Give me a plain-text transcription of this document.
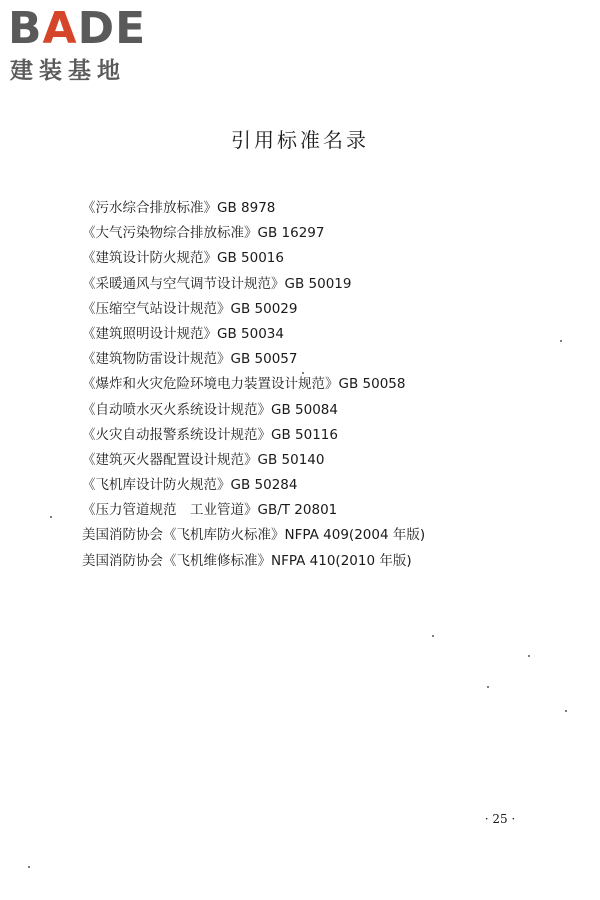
BADE
建装基地
引用标准名录
《污水综合排放标准》GB 8978
《大气污染物综合排放标准》GB 16297
《建筑设计防火规范》GB 50016
《采暖通风与空气调节设计规范》GB 50019
《压缩空气站设计规范》GB 50029
《建筑照明设计规范》GB 50034
《建筑物防雷设计规范》GB 50057
《爆炸和火灾危险环境电力装置设计规范》GB 50058
《自动喷水灭火系统设计规范》GB 50084
《火灾自动报警系统设计规范》GB 50116
《建筑灭火器配置设计规范》GB 50140
《飞机库设计防火规范》GB 50284
《压力管道规范　工业管道》GB/T 20801
美国消防协会《飞机库防火标准》NFPA 409(2004 年版)
美国消防协会《飞机维修标准》NFPA 410(2010 年版)
· 25 ·
